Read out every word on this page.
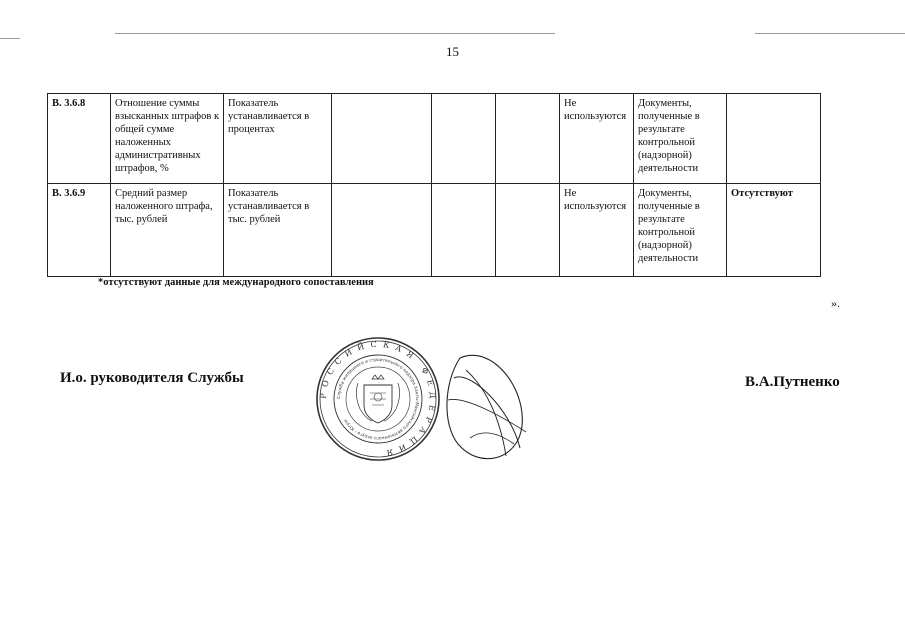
15
В. 3.6.8	Отношение суммы взысканных штрафов к общей сумме наложенных административных штрафов, %	Показатель устанавливается в процентах				Не используются	Документы, полученные в результате контрольной (надзорной) деятельности	
В. 3.6.9	Средний размер наложенного штрафа, тыс. рублей	Показатель устанавливается в тыс. рублей				Не используются	Документы, полученные в результате контрольной (надзорной) деятельности	Отсутствуют
*отсутствуют данные для международного сопоставления
».
И.о. руководителя Службы
РОССИЙСКАЯ ФЕДЕРАЦИЯ
Служба жилищного и строительного надзора Ханты-Мансийского автономного округа - Югры
В.А.Путненко
